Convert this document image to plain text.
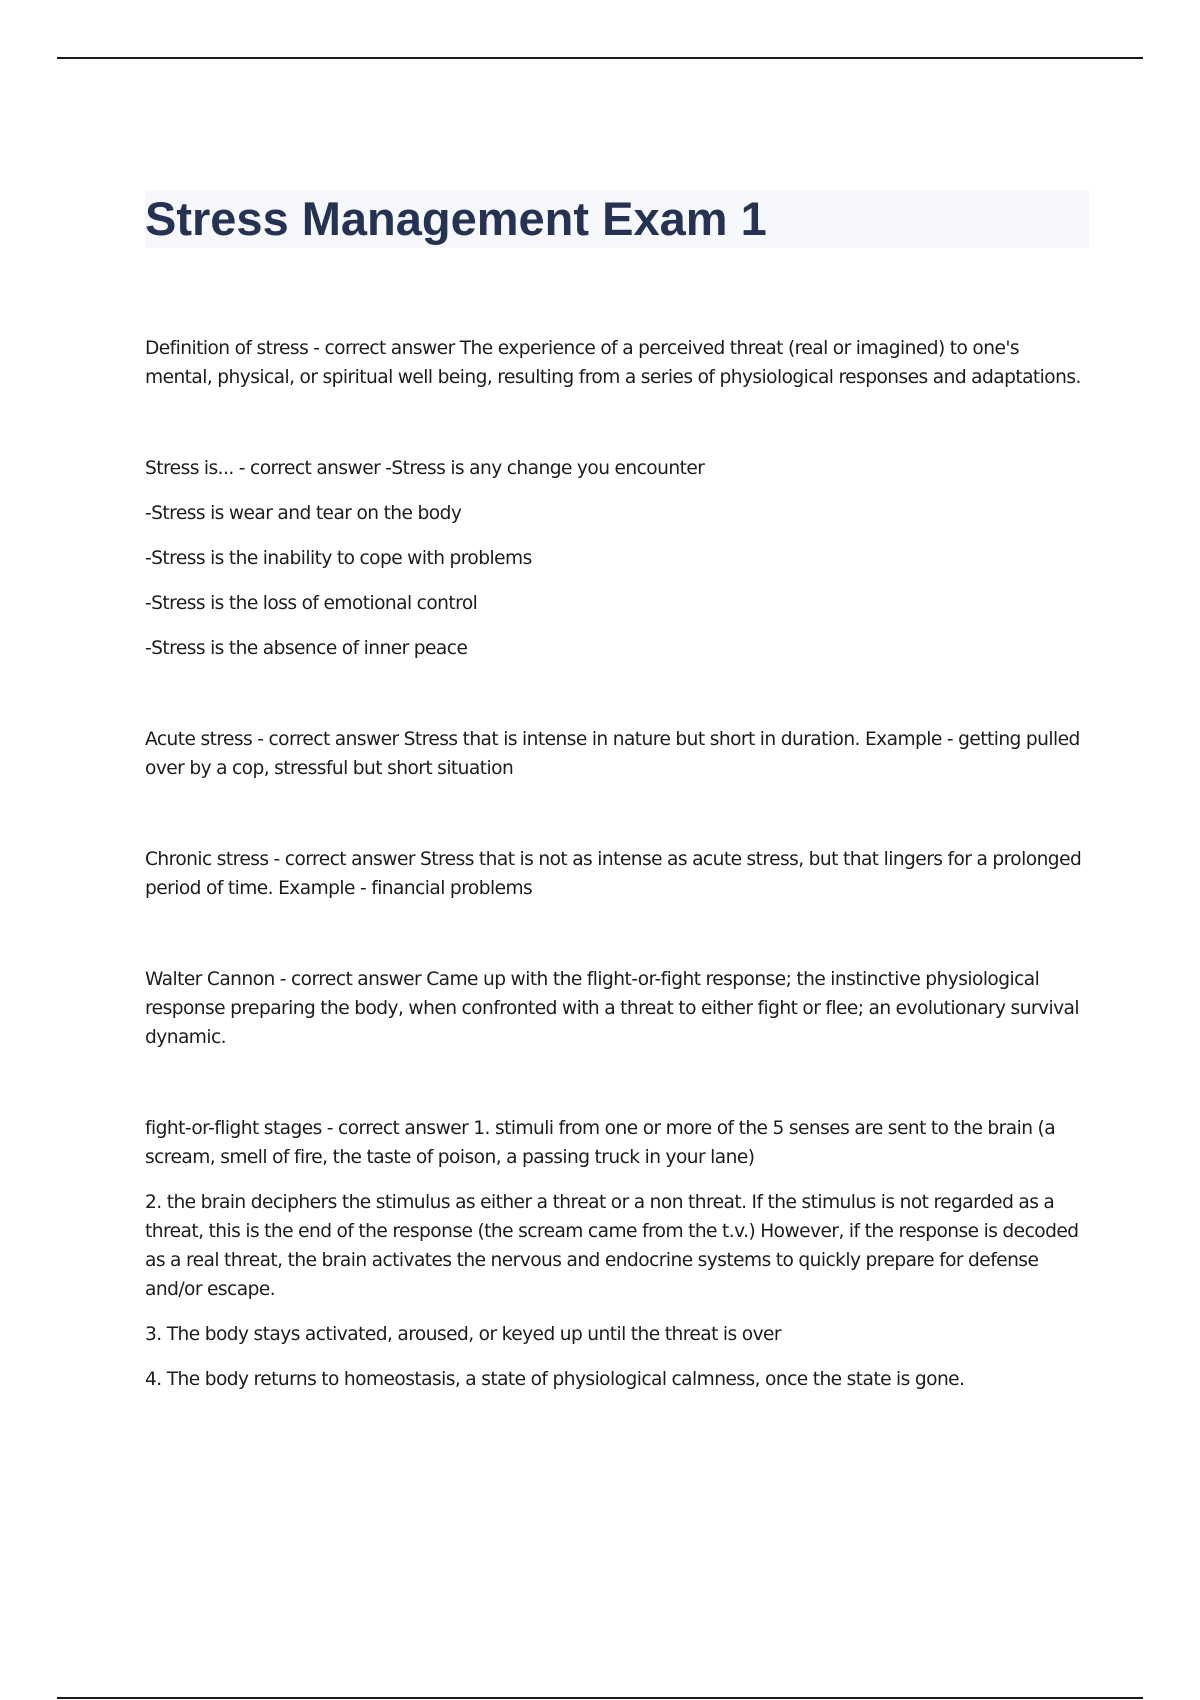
Stress Management Exam 1

Definition of stress - correct answer The experience of a perceived threat (real or imagined) to one's mental, physical, or spiritual well being, resulting from a series of physiological responses and adaptations.

Stress is... - correct answer -Stress is any change you encounter

-Stress is wear and tear on the body

-Stress is the inability to cope with problems

-Stress is the loss of emotional control

-Stress is the absence of inner peace

Acute stress - correct answer Stress that is intense in nature but short in duration. Example - getting pulled over by a cop, stressful but short situation

Chronic stress - correct answer Stress that is not as intense as acute stress, but that lingers for a prolonged period of time. Example - financial problems

Walter Cannon - correct answer Came up with the flight-or-fight response; the instinctive physiological response preparing the body, when confronted with a threat to either fight or flee; an evolutionary survival dynamic.

fight-or-flight stages - correct answer 1. stimuli from one or more of the 5 senses are sent to the brain (a scream, smell of fire, the taste of poison, a passing truck in your lane)

2. the brain deciphers the stimulus as either a threat or a non threat. If the stimulus is not regarded as a threat, this is the end of the response (the scream came from the t.v.) However, if the response is decoded as a real threat, the brain activates the nervous and endocrine systems to quickly prepare for defense and/or escape.

3. The body stays activated, aroused, or keyed up until the threat is over

4. The body returns to homeostasis, a state of physiological calmness, once the state is gone.
